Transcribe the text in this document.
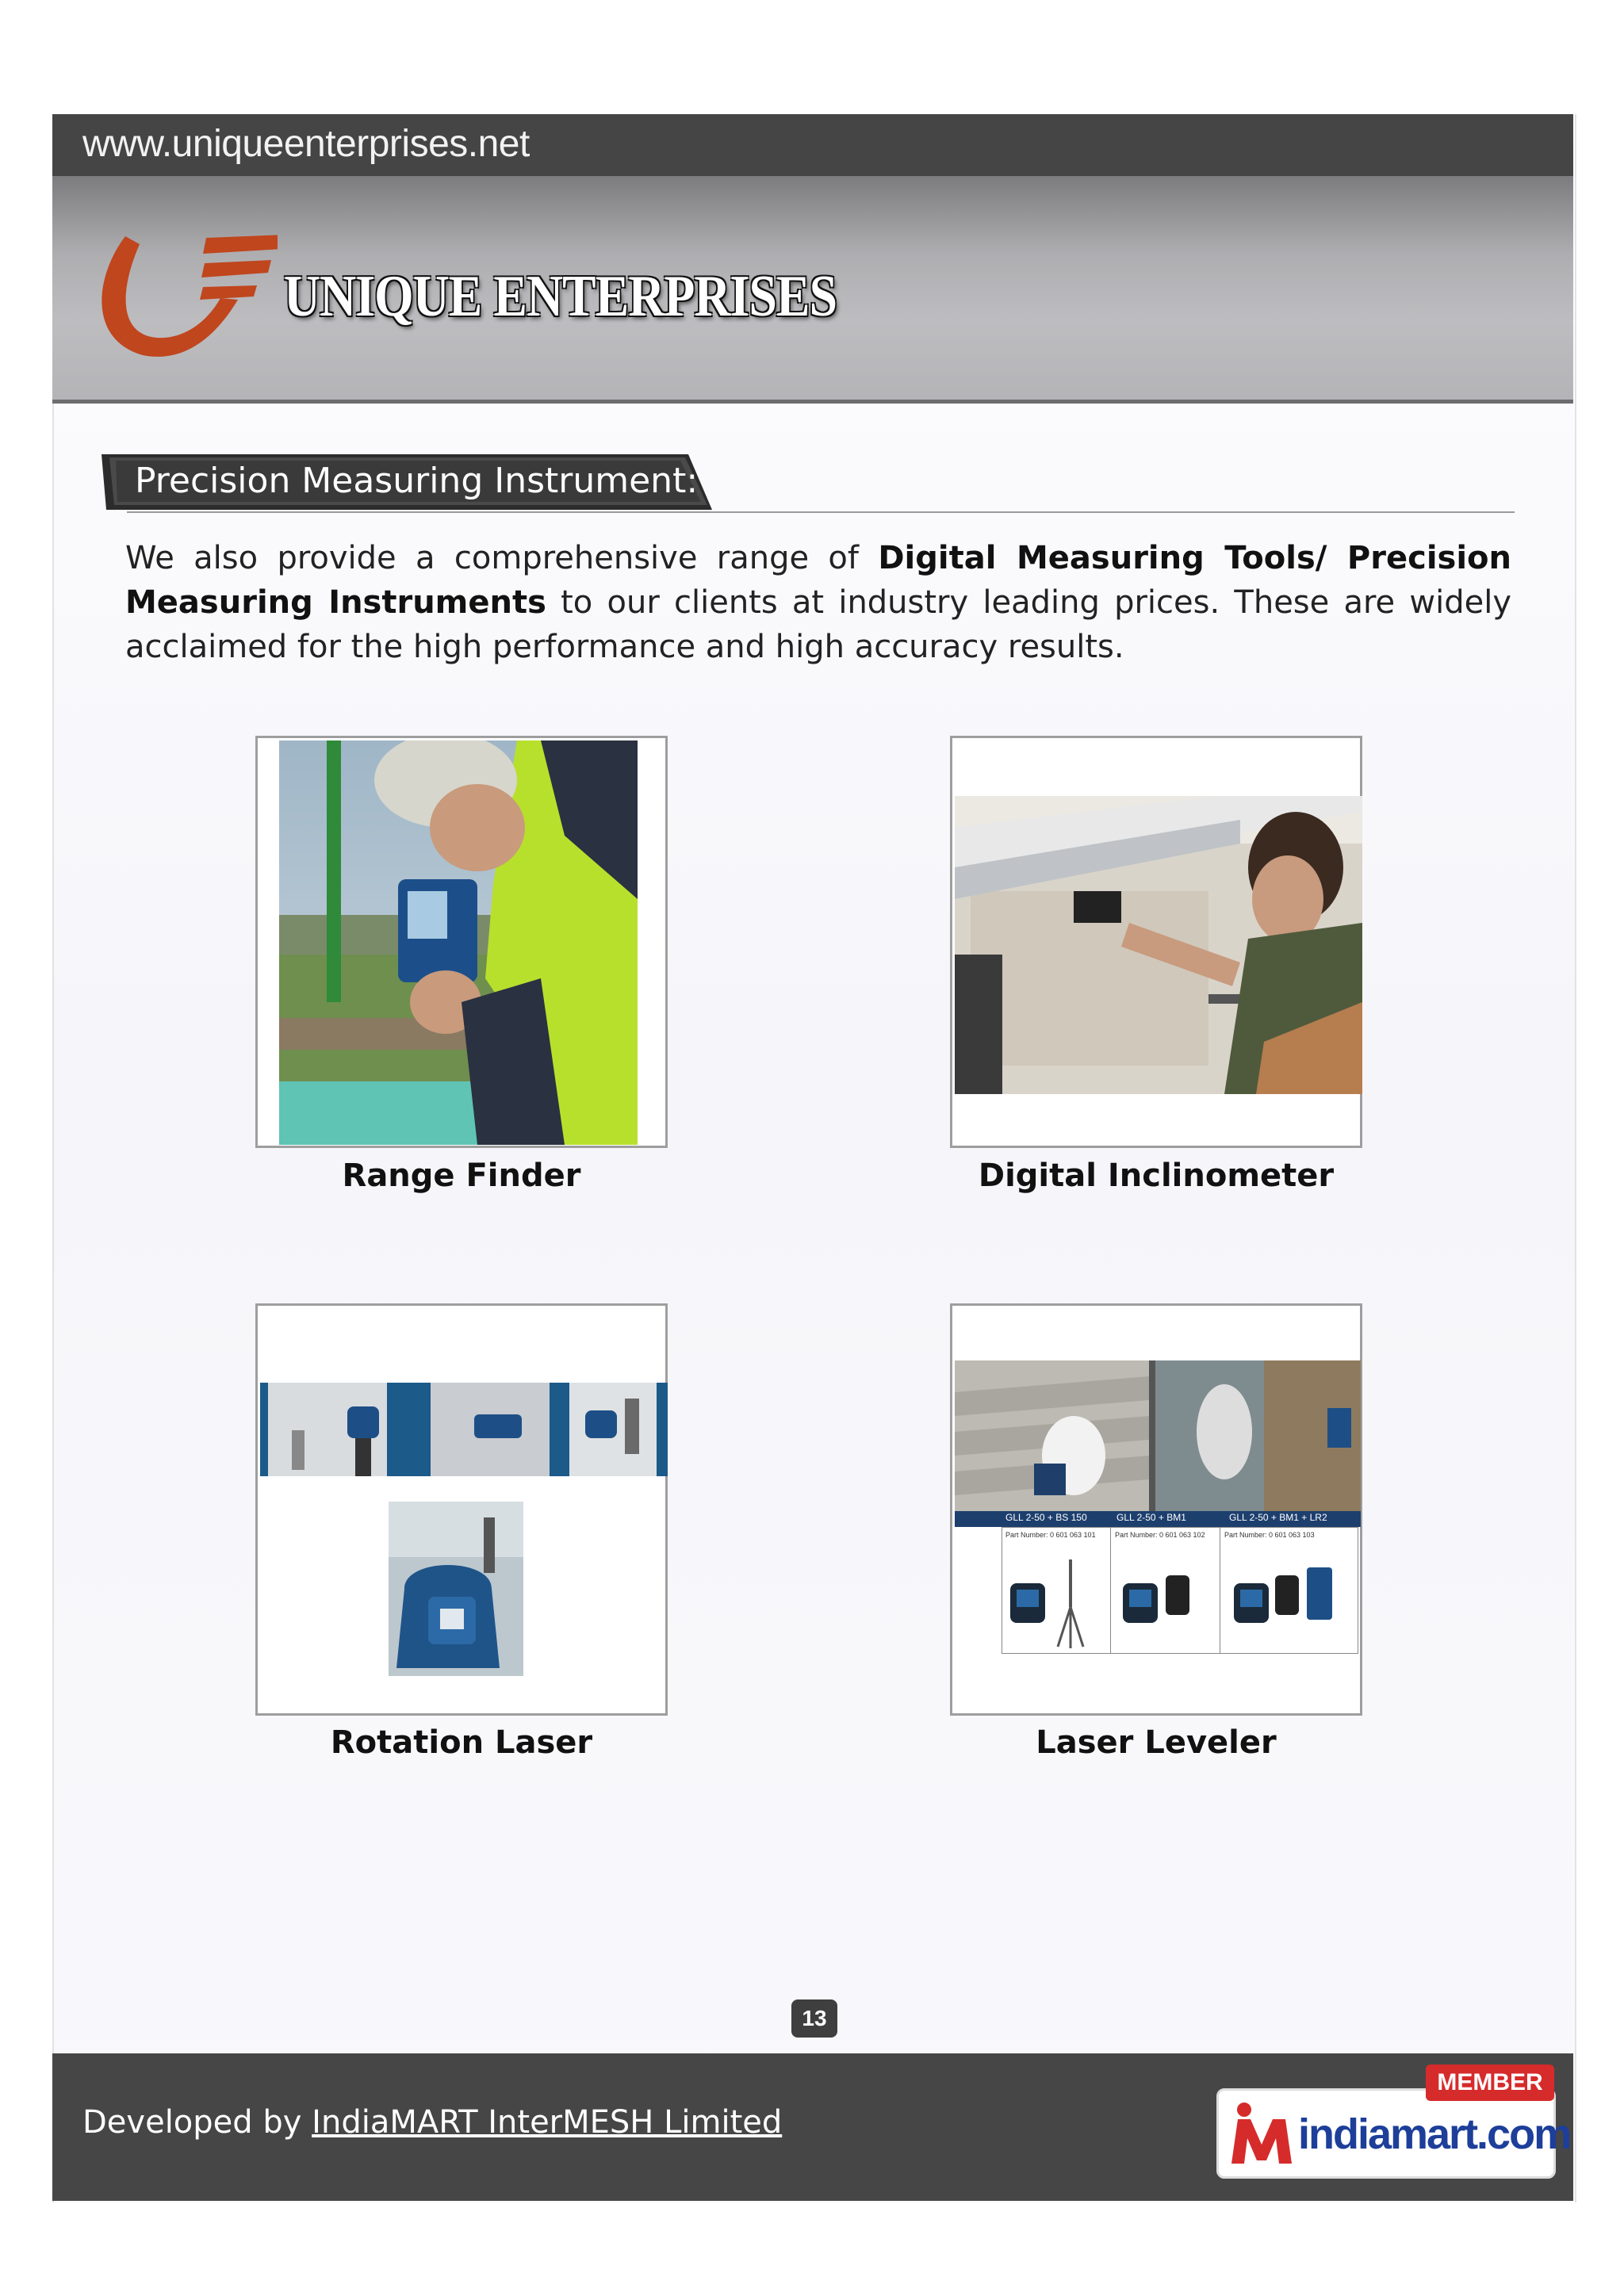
www.uniqueenterprises.net
UNIQUE ENTERPRISES
Precision Measuring Instrument:
We also provide a comprehensive range of Digital Measuring Tools/ Precision Measuring Instruments to our clients at industry leading prices. These are widely acclaimed for the high performance and high accuracy results.
Range Finder	Digital Inclinometer
Rotation Laser
GLL 2-50 + BS 150	GLL 2-50 + BM1	GLL 2-50 + BM1 + LR2
Part Number: 0 601 063 101	Part Number: 0 601 063 102	Part Number: 0 601 063 103
Laser Leveler
13
Developed by IndiaMART InterMESH Limited	indiamart.com
MEMBER
